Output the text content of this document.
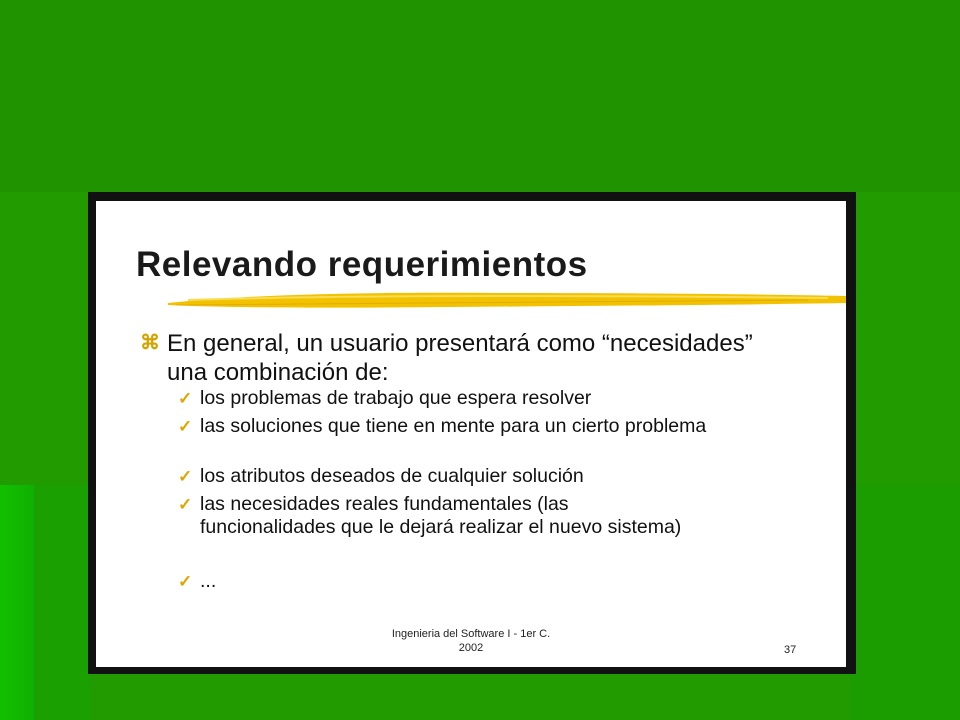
Relevando requerimientos
⌘ En general, un usuario presentará como “necesidades” una combinación de:
✓ los problemas de trabajo que espera resolver
✓ las soluciones que tiene en mente para un cierto problema
✓ los atributos deseados de cualquier solución
✓ las necesidades reales fundamentales (las funcionalidades que le dejará realizar el nuevo sistema)
✓ ...
Ingenieria del Software I - 1er C.
2002	37
